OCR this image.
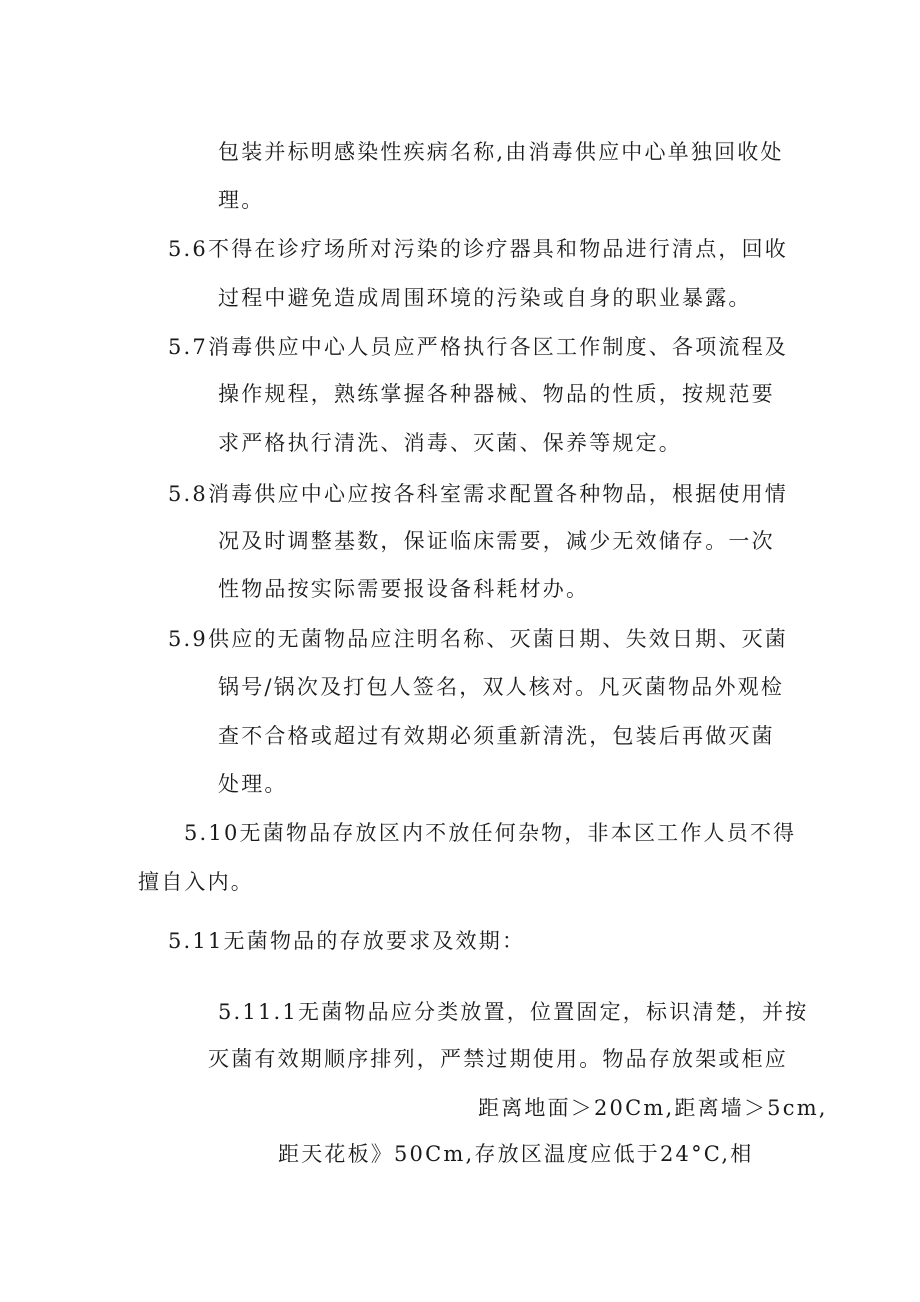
包装并标明感染性疾病名称,由消毒供应中心单独回收处
理。
5.6不得在诊疗场所对污染的诊疗器具和物品进行清点，回收
过程中避免造成周围环境的污染或自身的职业暴露。
5.7消毒供应中心人员应严格执行各区工作制度、各项流程及
操作规程，熟练掌握各种器械、物品的性质，按规范要
求严格执行清洗、消毒、灭菌、保养等规定。
5.8消毒供应中心应按各科室需求配置各种物品，根据使用情
况及时调整基数，保证临床需要，减少无效储存。一次
性物品按实际需要报设备科耗材办。
5.9供应的无菌物品应注明名称、灭菌日期、失效日期、灭菌
锅号/锅次及打包人签名，双人核对。凡灭菌物品外观检
查不合格或超过有效期必须重新清洗，包装后再做灭菌
处理。
5.10无菌物品存放区内不放任何杂物，非本区工作人员不得
擅自入内。
5.11无菌物品的存放要求及效期：
5.11.1无菌物品应分类放置，位置固定，标识清楚，并按
灭菌有效期顺序排列，严禁过期使用。物品存放架或柜应
距离地面＞20Cm,距离墙＞5cm,
距天花板》50Cm,存放区温度应低于24°C,相
